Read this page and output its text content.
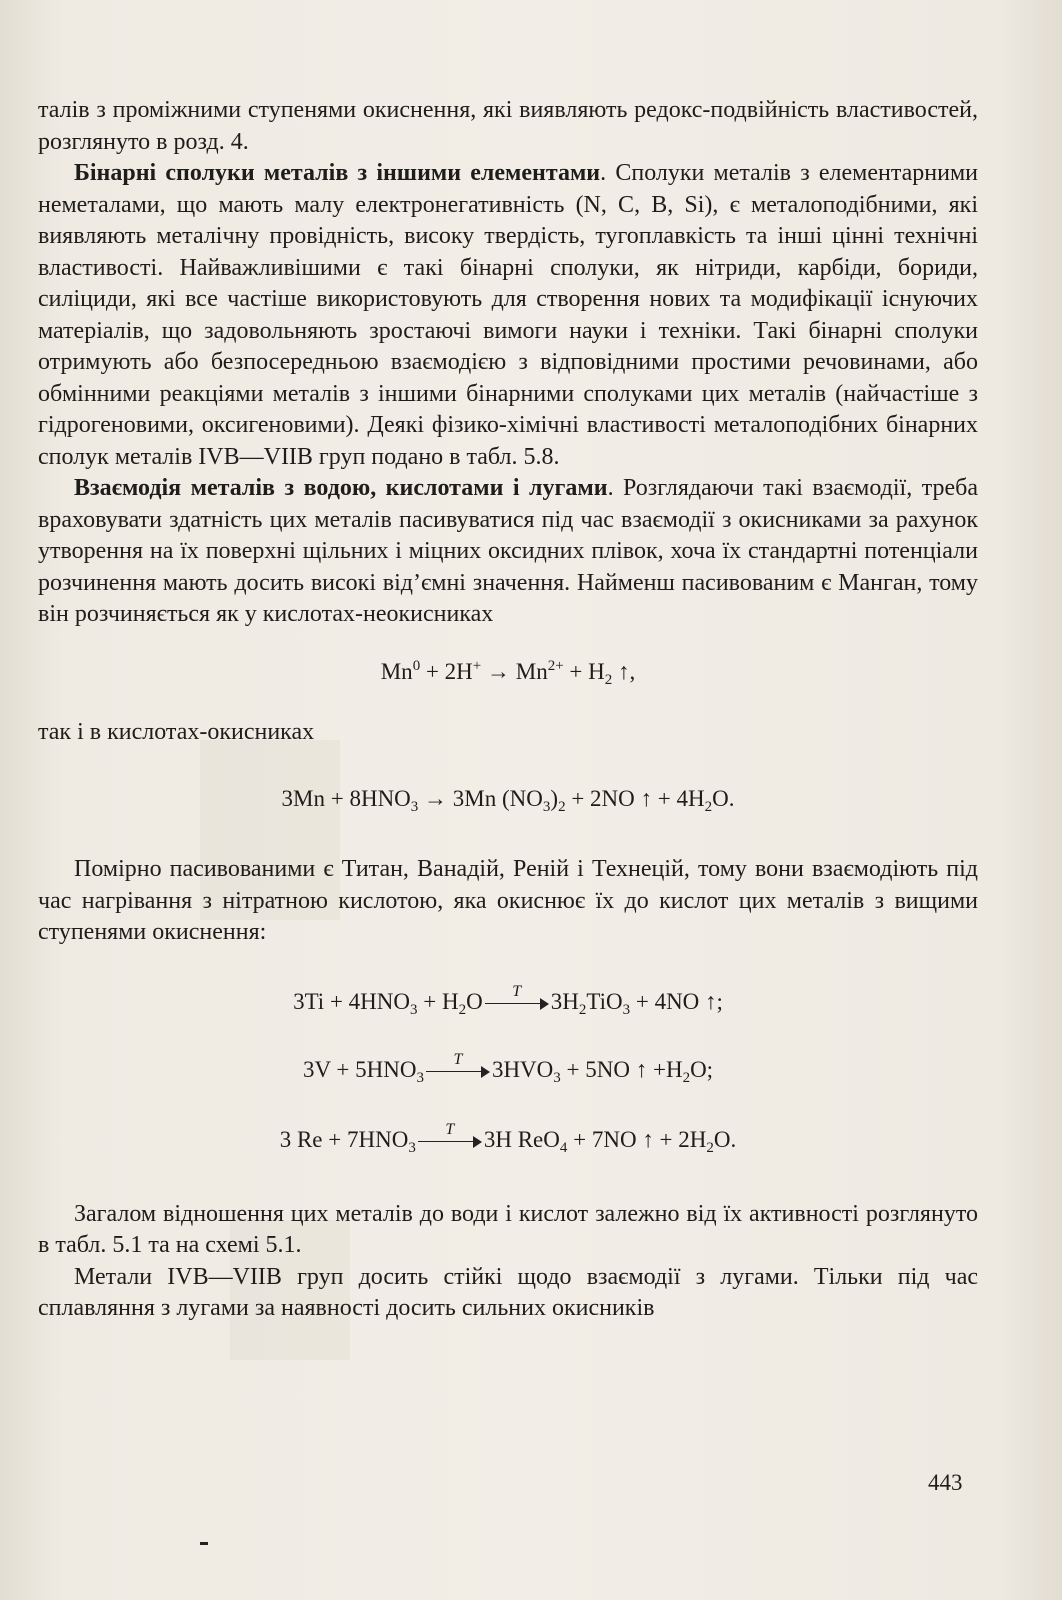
талів з проміжними ступенями окиснення, які виявляють редокс-подвійність властивостей, розглянуто в розд. 4.

Бінарні сполуки металів з іншими елементами. Сполуки металів з елементарними неметалами, що мають малу електронегативність (N, C, B, Si), є металоподібними, які виявляють металічну провідність, високу твердість, тугоплавкість та інші цінні технічні властивості. Найважливішими є такі бінарні сполуки, як нітриди, карбіди, бориди, силіциди, які все частіше використовують для створення нових та модифікації існуючих матеріалів, що задовольняють зростаючі вимоги науки і техніки. Такі бінарні сполуки отримують або безпосередньою взаємодією з відповідними простими речовинами, або обмінними реакціями металів з іншими бінарними сполуками цих металів (найчастіше з гідрогеновими, оксигеновими). Деякі фізико-хімічні властивості металоподібних бінарних сполук металів IVB—VIIB груп подано в табл. 5.8.

Взаємодія металів з водою, кислотами і лугами. Розглядаючи такі взаємодії, треба враховувати здатність цих металів пасивуватися під час взаємодії з окисниками за рахунок утворення на їх поверхні щільних і міцних оксидних плівок, хоча їх стандартні потенціали розчинення мають досить високі від’ємні значення. Найменш пасивованим є Манган, тому він розчиняється як у кислотах-неокисниках

$Mn^0 + 2H^+ \to Mn^{2+} + H_2$ ↑,

так і в кислотах-окисниках

$3Mn + 8HNO_3 \to 3Mn$ $(NO_3)_2 + 2NO$ ↑ + $4H_2O$.

Помірно пасивованими є Титан, Ванадій, Реній і Технецій, тому вони взаємодіють під час нагрівання з нітратною кислотою, яка окиснює їх до кислот цих металів з вищими ступенями окиснення:

$3Ti + 4HNO_3 + H_2O$	T	$3H_2TiO_3 + 4NO$ ↑;
$3V + 5HNO_3$
T	$3HVO_3 + 5NO$ ↑ $+H_2O$;
3 $Re + 7HNO_3$
T	3H ReO$_4$ + 7NO ↑ + $2H_2O$.

Загалом відношення цих металів до води і кислот залежно від їх активності розглянуто в табл. 5.1 та на схемі 5.1.

Метали IVB—VIIB груп досить стійкі щодо взаємодії з лугами. Тільки під час сплавляння з лугами за наявності досить сильних окисників

443
